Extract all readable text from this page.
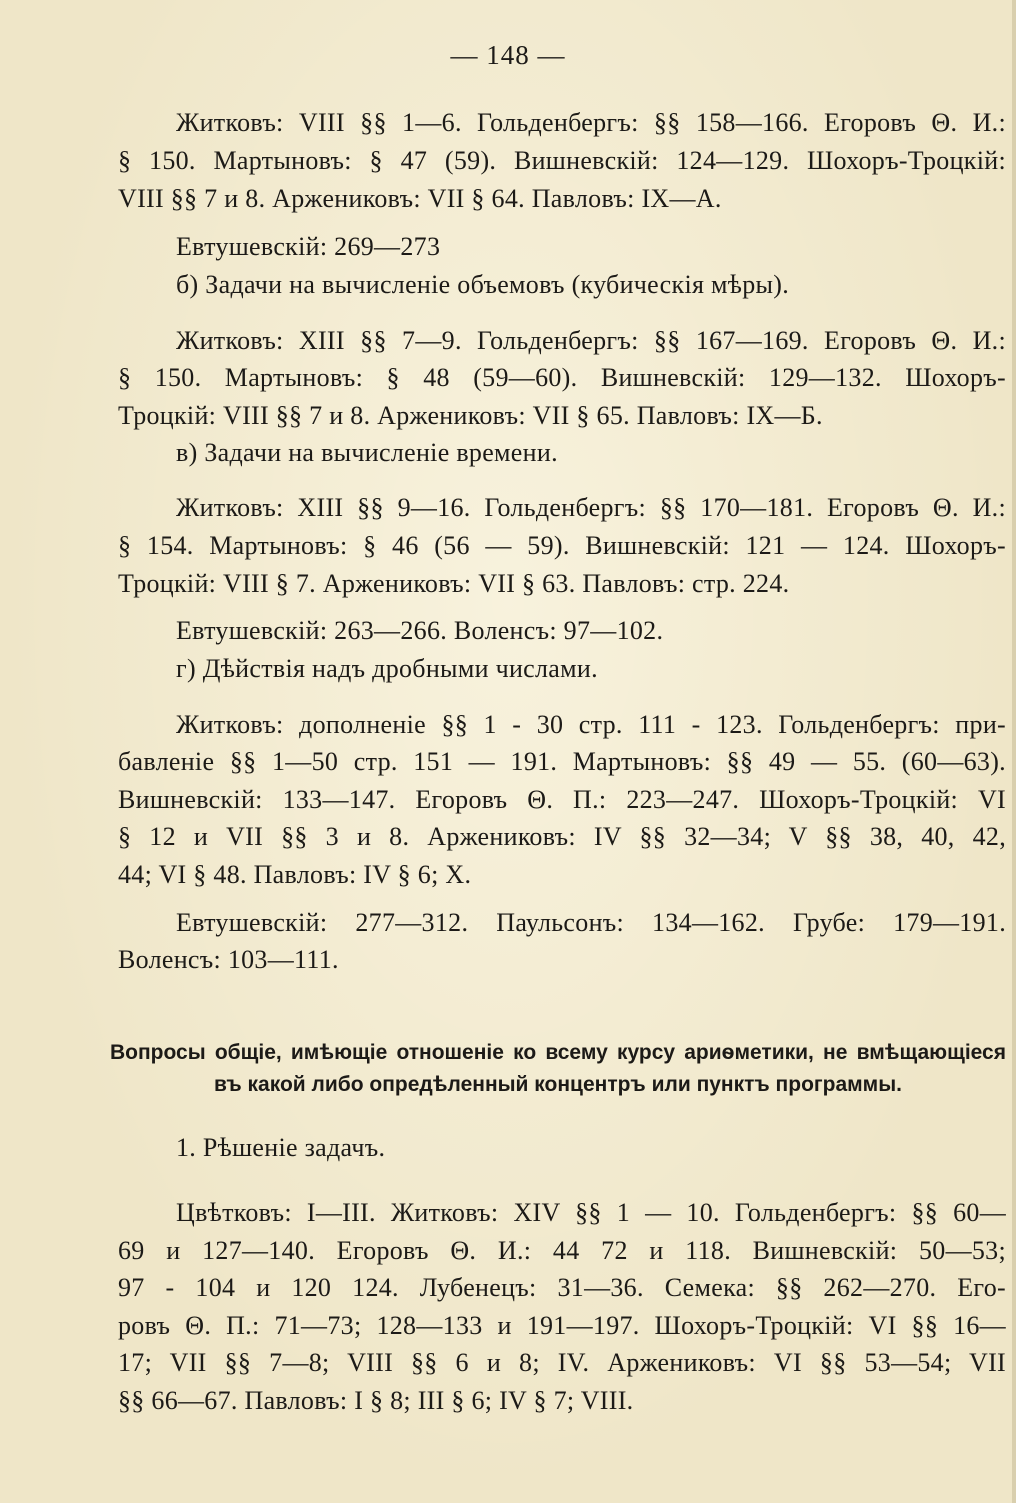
— 148 —
Житковъ: VIII §§ 1—6. Гольденбергъ: §§ 158—166. Егоровъ Θ. И.:
§ 150. Мартыновъ: § 47 (59). Вишневскій: 124—129. Шохоръ-Троцкій:
VIII §§ 7 и 8. Аржениковъ: VII § 64. Павловъ: IX—А.
Евтушевскій: 269—273
б) Задачи на вычисленіе объемовъ (кубическія мѣры).
Житковъ: XIII §§ 7—9. Гольденбергъ: §§ 167—169. Егоровъ Θ. И.:
§ 150. Мартыновъ: § 48 (59—60). Вишневскій: 129—132. Шохоръ-
Троцкій: VIII §§ 7 и 8. Аржениковъ: VII § 65. Павловъ: IX—Б.
в) Задачи на вычисленіе времени.
Житковъ: XIII §§ 9—16. Гольденбергъ: §§ 170—181. Егоровъ Θ. И.:
§ 154. Мартыновъ: § 46 (56 — 59). Вишневскій: 121 — 124. Шохоръ-
Троцкій: VIII § 7. Аржениковъ: VII § 63. Павловъ: стр. 224.
Евтушевскій: 263—266. Воленсъ: 97—102.
г) Дѣйствія надъ дробными числами.
Житковъ: дополненіе §§ 1 - 30 стр. 111 - 123. Гольденбергъ: при-
бавленіе §§ 1—50 стр. 151 — 191. Мартыновъ: §§ 49 — 55. (60—63).
Вишневскій: 133—147. Егоровъ Θ. П.: 223—247. Шохоръ-Троцкій: VI
§ 12 и VII §§ 3 и 8. Аржениковъ: IV §§ 32—34; V §§ 38, 40, 42,
44; VI § 48. Павловъ: IV § 6; X.
Евтушевскій: 277—312. Паульсонъ: 134—162. Грубе: 179—191.
Воленсъ: 103—111.
Вопросы общіе, имѣющіе отношеніе ко всему курсу ариѳметики, не вмѣщающіеся
въ какой либо опредѣленный концентръ или пунктъ программы.
1. Рѣшеніе задачъ.
Цвѣтковъ: I—III. Житковъ: XIV §§ 1 — 10. Гольденбергъ: §§ 60—
69 и 127—140. Егоровъ Θ. И.: 44 72 и 118. Вишневскій: 50—53;
97 - 104 и 120 124. Лубенецъ: 31—36. Семека: §§ 262—270. Его-
ровъ Θ. П.: 71—73; 128—133 и 191—197. Шохоръ-Троцкій: VI §§ 16—
17; VII §§ 7—8; VIII §§ 6 и 8; IV. Аржениковъ: VI §§ 53—54; VII
§§ 66—67. Павловъ: I § 8; III § 6; IV § 7; VIII.
